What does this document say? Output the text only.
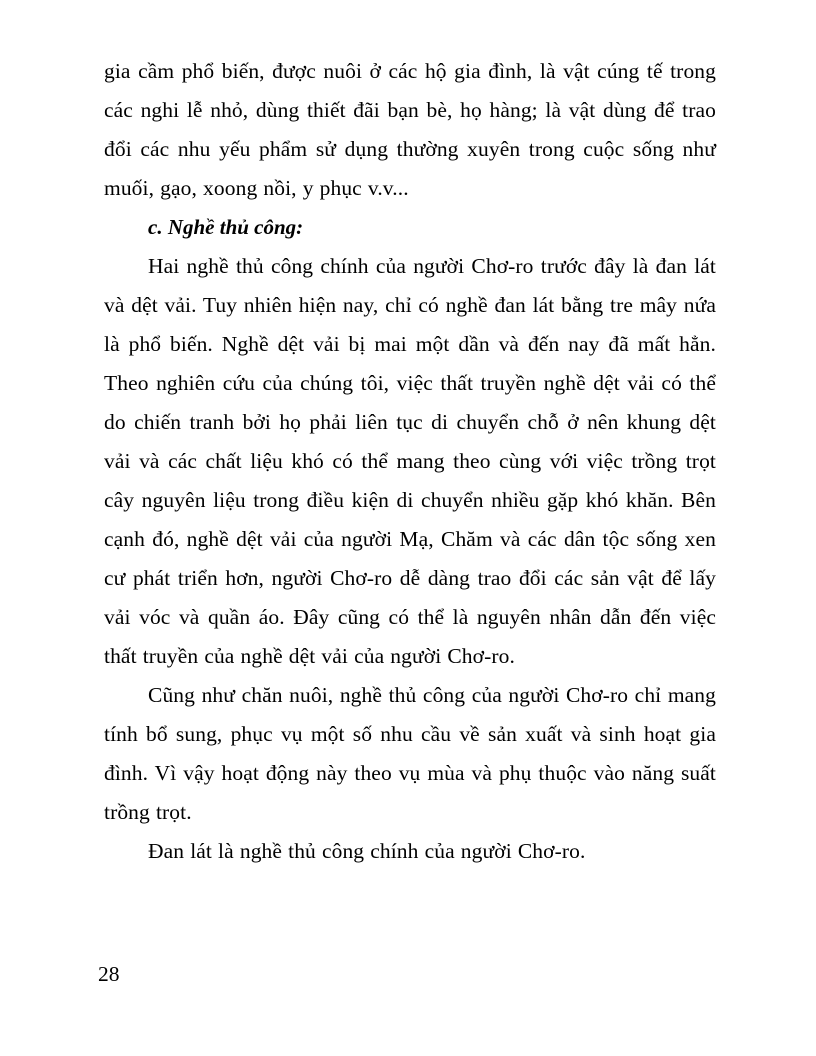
gia cầm phổ biến, được nuôi ở các hộ gia đình, là vật cúng tế trong các nghi lễ nhỏ, dùng thiết đãi bạn bè, họ hàng; là vật dùng để trao đổi các nhu yếu phẩm sử dụng thường xuyên trong cuộc sống như muối, gạo, xoong nồi, y phục v.v...

c. Nghề thủ công:

Hai nghề thủ công chính của người Chơ-ro trước đây là đan lát và dệt vải. Tuy nhiên hiện nay, chỉ có nghề đan lát bằng tre mây nứa là phổ biến. Nghề dệt vải bị mai một dần và đến nay đã mất hẳn. Theo nghiên cứu của chúng tôi, việc thất truyền nghề dệt vải có thể do chiến tranh bởi họ phải liên tục di chuyển chỗ ở nên khung dệt vải và các chất liệu khó có thể mang theo cùng với việc trồng trọt cây nguyên liệu trong điều kiện di chuyển nhiều gặp khó khăn. Bên cạnh đó, nghề dệt vải của người Mạ, Chăm và các dân tộc sống xen cư phát triển hơn, người Chơ-ro dễ dàng trao đổi các sản vật để lấy vải vóc và quần áo. Đây cũng có thể là nguyên nhân dẫn đến việc thất truyền của nghề dệt vải của người Chơ-ro.

Cũng như chăn nuôi, nghề thủ công của người Chơ-ro chỉ mang tính bổ sung, phục vụ một số nhu cầu về sản xuất và sinh hoạt gia đình. Vì vậy hoạt động này theo vụ mùa và phụ thuộc vào năng suất trồng trọt.

Đan lát là nghề thủ công chính của người Chơ-ro.

28
